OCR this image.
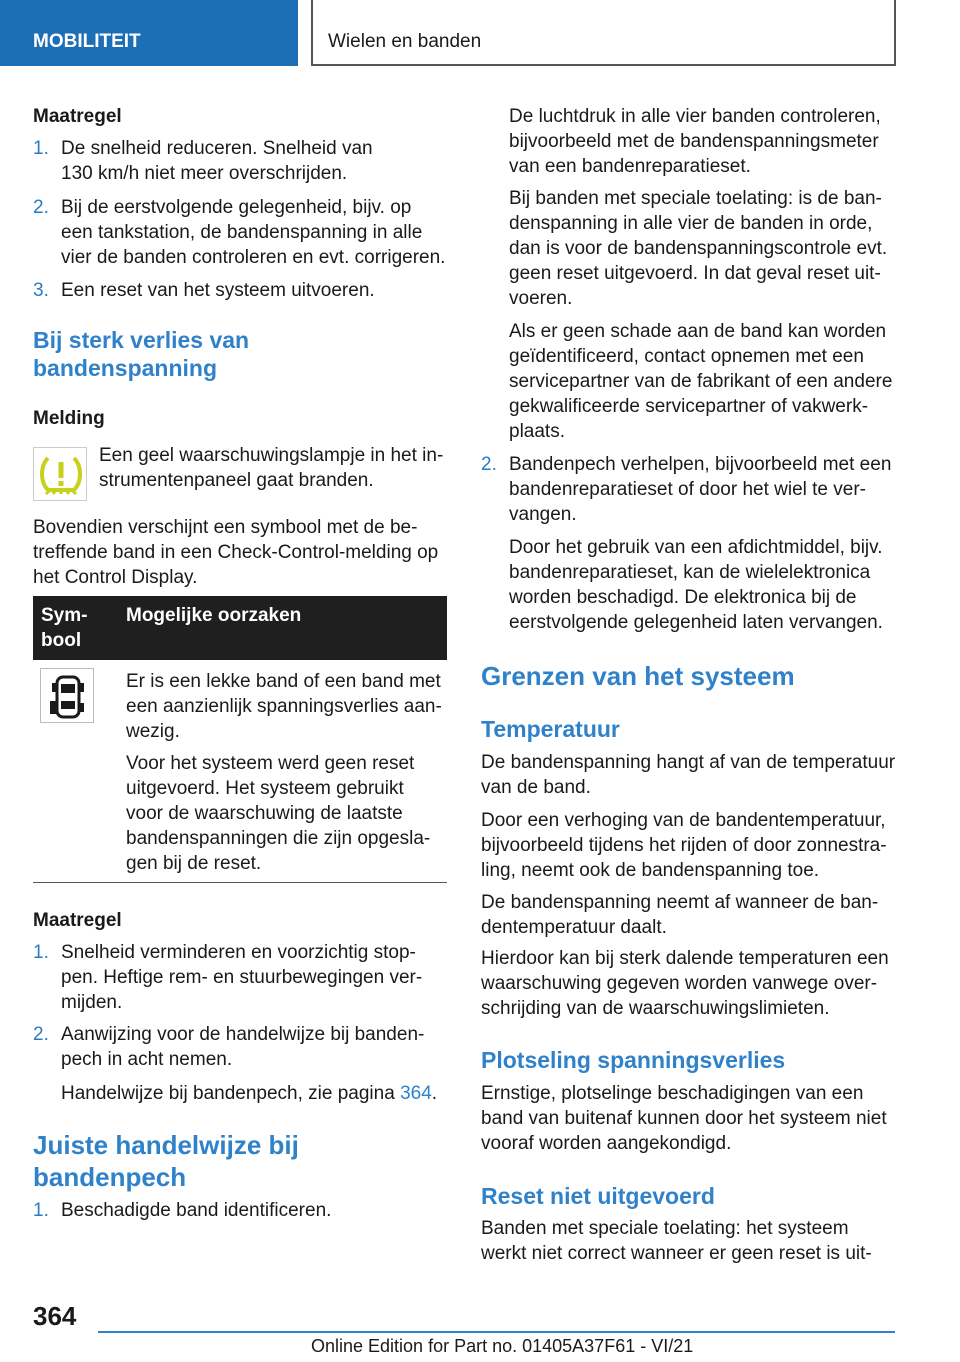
MOBILITEIT	Wielen en banden
Maatregel
1. De snelheid reduceren. Snelheid van
130 km/h niet meer overschrijden.
2. Bij de eerstvolgende gelegenheid, bijv. op
een tankstation, de bandenspanning in alle
vier de banden controleren en evt. corrigeren.
3. Een reset van het systeem uitvoeren.
Bij sterk verlies van
bandenspanning
Melding
Een geel waarschuwingslampje in het in-
strumentenpaneel gaat branden.
Bovendien verschijnt een symbool met de be-
treffende band in een Check-Control-melding op
het Control Display.
Sym-
bool
Mogelijke oorzaken
Er is een lekke band of een band met
een aanzienlijk spanningsverlies aan-
wezig.
Voor het systeem werd geen reset
uitgevoerd. Het systeem gebruikt
voor de waarschuwing de laatste
bandenspanningen die zijn opgesla-
gen bij de reset.
Maatregel
1. Snelheid verminderen en voorzichtig stop-
pen. Heftige rem- en stuurbewegingen ver-
mijden.
2. Aanwijzing voor de handelwijze bij banden-
pech in acht nemen.
Handelwijze bij bandenpech, zie pagina 364.
Juiste handelwijze bij
bandenpech
1. Beschadigde band identificeren.
De luchtdruk in alle vier banden controleren,
bijvoorbeeld met de bandenspanningsmeter
van een bandenreparatieset.
Bij banden met speciale toelating: is de ban-
denspanning in alle vier de banden in orde,
dan is voor de bandenspanningscontrole evt.
geen reset uitgevoerd. In dat geval reset uit-
voeren.
Als er geen schade aan de band kan worden
geïdentificeerd, contact opnemen met een
servicepartner van de fabrikant of een andere
gekwalificeerde servicepartner of vakwerk-
plaats.
2. Bandenpech verhelpen, bijvoorbeeld met een
bandenreparatieset of door het wiel te ver-
vangen.
Door het gebruik van een afdichtmiddel, bijv.
bandenreparatieset, kan de wielelektronica
worden beschadigd. De elektronica bij de
eerstvolgende gelegenheid laten vervangen.
Grenzen van het systeem
Temperatuur
De bandenspanning hangt af van de temperatuur
van de band.
Door een verhoging van de bandentemperatuur,
bijvoorbeeld tijdens het rijden of door zonnestra-
ling, neemt ook de bandenspanning toe.
De bandenspanning neemt af wanneer de ban-
dentemperatuur daalt.
Hierdoor kan bij sterk dalende temperaturen een
waarschuwing gegeven worden vanwege over-
schrijding van de waarschuwingslimieten.
Plotseling spanningsverlies
Ernstige, plotselinge beschadigingen van een
band van buitenaf kunnen door het systeem niet
vooraf worden aangekondigd.
Reset niet uitgevoerd
Banden met speciale toelating: het systeem
werkt niet correct wanneer er geen reset is uit-
364
Online Edition for Part no. 01405A37F61 - VI/21
